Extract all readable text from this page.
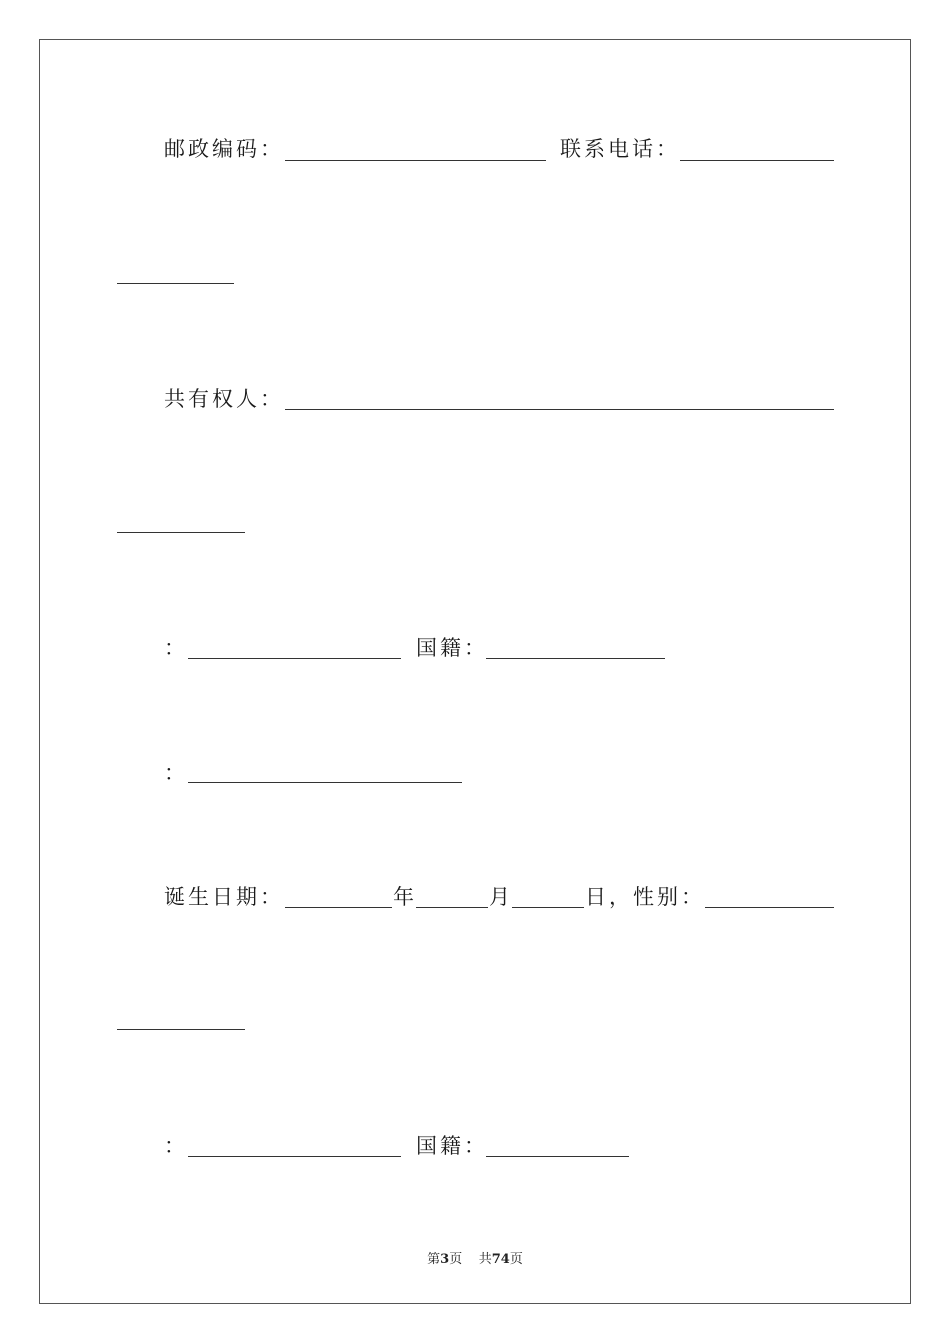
邮政编码：	联系电话：
共有权人：
：	国籍：
：
诞生日期：	年	月	日，性别：
：	国籍：
第3页 共74页
